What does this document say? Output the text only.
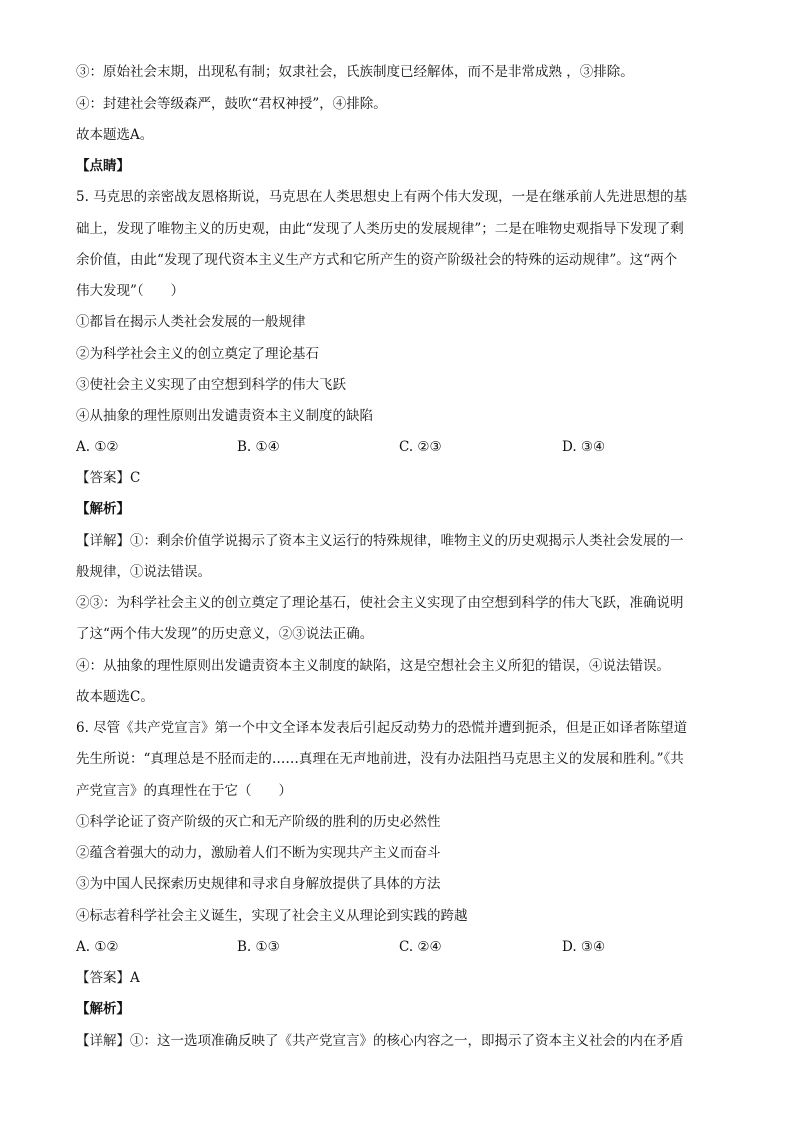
③：原始社会末期，出现私有制；奴隶社会，氏族制度已经解体，而不是非常成熟 ，③排除。
④：封建社会等级森严，鼓吹“君权神授”，④排除。
故本题选A。
【点睛】
5. 马克思的亲密战友恩格斯说，马克思在人类思想史上有两个伟大发现，一是在继承前人先进思想的基
础上，发现了唯物主义的历史观，由此“发现了人类历史的发展规律”；二是在唯物史观指导下发现了剩
余价值，由此“发现了现代资本主义生产方式和它所产生的资产阶级社会的特殊的运动规律”。这“两个
伟大发现”（　　）
①都旨在揭示人类社会发展的一般规律
②为科学社会主义的创立奠定了理论基石
③使社会主义实现了由空想到科学的伟大飞跃
④从抽象的理性原则出发谴责资本主义制度的缺陷
A. ①②	B. ①④	C. ②③	D. ③④
【答案】C
【解析】
【详解】①：剩余价值学说揭示了资本主义运行的特殊规律，唯物主义的历史观揭示人类社会发展的一
般规律，①说法错误。
②③：为科学社会主义的创立奠定了理论基石，使社会主义实现了由空想到科学的伟大飞跃，准确说明
了这“两个伟大发现”的历史意义，②③说法正确。
④：从抽象的理性原则出发谴责资本主义制度的缺陷，这是空想社会主义所犯的错误，④说法错误。
故本题选C。
6. 尽管《共产党宣言》第一个中文全译本发表后引起反动势力的恐慌并遭到扼杀，但是正如译者陈望道
先生所说：“真理总是不胫而走的……真理在无声地前进，没有办法阻挡马克思主义的发展和胜利。”《共
产党宣言》的真理性在于它（　　）
①科学论证了资产阶级的灭亡和无产阶级的胜利的历史必然性
②蕴含着强大的动力，激励着人们不断为实现共产主义而奋斗
③为中国人民探索历史规律和寻求自身解放提供了具体的方法
④标志着科学社会主义诞生，实现了社会主义从理论到实践的跨越
A. ①②	B. ①③	C. ②④	D. ③④
【答案】A
【解析】
【详解】①：这一选项准确反映了《共产党宣言》的核心内容之一，即揭示了资本主义社会的内在矛盾
